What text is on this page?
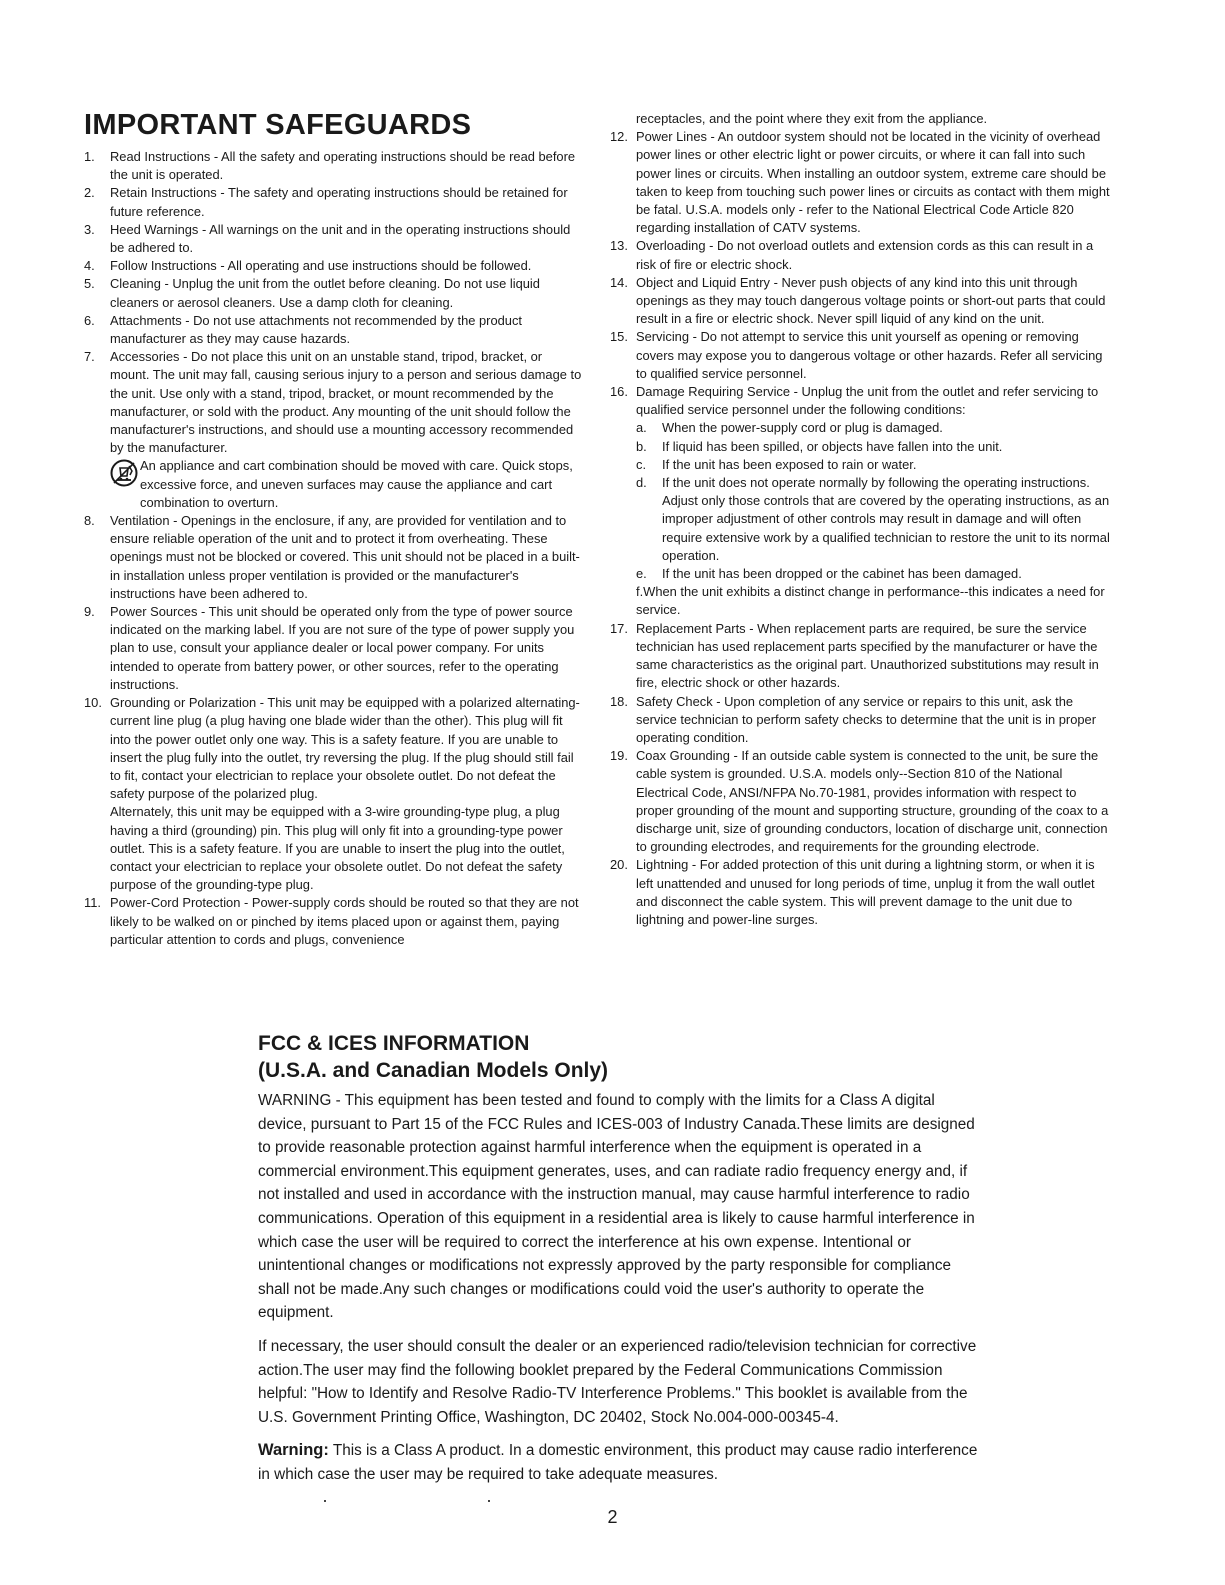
IMPORTANT SAFEGUARDS
1.	Read Instructions - All the safety and operating instructions should be read before the unit is operated.
2.	Retain Instructions - The safety and operating instructions should be retained for future reference.
3.	Heed Warnings - All warnings on the unit and in the operating instructions should be adhered to.
4.	Follow Instructions - All operating and use instructions should be followed.
5.	Cleaning - Unplug the unit from the outlet before cleaning. Do not use liquid cleaners or aerosol cleaners. Use a damp cloth for cleaning.
6.	Attachments - Do not use attachments not recommended by the product manufacturer as they may cause hazards.
7.	Accessories - Do not place this unit on an unstable stand, tripod, bracket, or mount. The unit may fall, causing serious injury to a person and serious damage to the unit. Use only with a stand, tripod, bracket, or mount recommended by the manufacturer, or sold with the product. Any mounting of the unit should follow the manufacturer's instructions, and should use a mounting accessory recommended by the manufacturer.
An appliance and cart combination should be moved with care. Quick stops, excessive force, and uneven surfaces may cause the appliance and cart combination to overturn.
8.	Ventilation - Openings in the enclosure, if any, are provided for ventilation and to ensure reliable operation of the unit and to protect it from overheating. These openings must not be blocked or covered. This unit should not be placed in a built-in installation unless proper ventilation is provided or the manufacturer's instructions have been adhered to.
9.	Power Sources - This unit should be operated only from the type of power source indicated on the marking label. If you are not sure of the type of power supply you plan to use, consult your appliance dealer or local power company. For units intended to operate from battery power, or other sources, refer to the operating instructions.
10. Grounding or Polarization - This unit may be equipped with a polarized alternating-current line plug (a plug having one blade wider than the other). This plug will fit into the power outlet only one way. This is a safety feature. If you are unable to insert the plug fully into the outlet, try reversing the plug. If the plug should still fail to fit, contact your electrician to replace your obsolete outlet. Do not defeat the safety purpose of the polarized plug.
Alternately, this unit may be equipped with a 3-wire grounding-type plug, a plug having a third (grounding) pin. This plug will only fit into a grounding-type power outlet. This is a safety feature. If you are unable to insert the plug into the outlet, contact your electrician to replace your obsolete outlet. Do not defeat the safety purpose of the grounding-type plug.
11. Power-Cord Protection - Power-supply cords should be routed so that they are not likely to be walked on or pinched by items placed upon or against them, paying particular attention to cords and plugs, convenience
receptacles, and the point where they exit from the appliance.
12. Power Lines - An outdoor system should not be located in the vicinity of overhead power lines or other electric light or power circuits, or where it can fall into such power lines or circuits. When installing an outdoor system, extreme care should be taken to keep from touching such power lines or circuits as contact with them might be fatal. U.S.A. models only - refer to the National Electrical Code Article 820 regarding installation of CATV systems.
13. Overloading - Do not overload outlets and extension cords as this can result in a risk of fire or electric shock.
14. Object and Liquid Entry - Never push objects of any kind into this unit through openings as they may touch dangerous voltage points or short-out parts that could result in a fire or electric shock. Never spill liquid of any kind on the unit.
15. Servicing - Do not attempt to service this unit yourself as opening or removing covers may expose you to dangerous voltage or other hazards. Refer all servicing to qualified service personnel.
16. Damage Requiring Service - Unplug the unit from the outlet and refer servicing to qualified service personnel under the following conditions:
a.	When the power-supply cord or plug is damaged.
b.	If liquid has been spilled, or objects have fallen into the unit.
c.	If the unit has been exposed to rain or water.
d.	If the unit does not operate normally by following the operating instructions. Adjust only those controls that are covered by the operating instructions, as an improper adjustment of other controls may result in damage and will often require extensive work by a qualified technician to restore the unit to its normal operation.
e.	If the unit has been dropped or the cabinet has been damaged.
f.When the unit exhibits a distinct change in performance--this indicates a need for service.
17. Replacement Parts - When replacement parts are required, be sure the service technician has used replacement parts specified by the manufacturer or have the same characteristics as the original part. Unauthorized substitutions may result in fire, electric shock or other hazards.
18. Safety Check - Upon completion of any service or repairs to this unit, ask the service technician to perform safety checks to determine that the unit is in proper operating condition.
19. Coax Grounding - If an outside cable system is connected to the unit, be sure the cable system is grounded. U.S.A. models only--Section 810 of the National Electrical Code, ANSI/NFPA No.70-1981, provides information with respect to proper grounding of the mount and supporting structure, grounding of the coax to a discharge unit, size of grounding conductors, location of discharge unit, connection to grounding electrodes, and requirements for the grounding electrode.
20. Lightning - For added protection of this unit during a lightning storm, or when it is left unattended and unused for long periods of time, unplug it from the wall outlet and disconnect the cable system. This will prevent damage to the unit due to lightning and power-line surges.
FCC & ICES INFORMATION
(U.S.A. and Canadian Models Only)

WARNING - This equipment has been tested and found to comply with the limits for a Class A digital device, pursuant to Part 15 of the FCC Rules and ICES-003 of Industry Canada.These limits are designed to provide reasonable protection against harmful interference when the equipment is operated in a commercial environment.This equipment generates, uses, and can radiate radio frequency energy and, if not installed and used in accordance with the instruction manual, may cause harmful interference to radio communications. Operation of this equipment in a residential area is likely to cause harmful interference in which case the user will be required to correct the interference at his own expense. Intentional or unintentional changes or modifications not expressly approved by the party responsible for compliance shall not be made.Any such changes or modifications could void the user's authority to operate the equipment.

If necessary, the user should consult the dealer or an experienced radio/television technician for corrective action.The user may find the following booklet prepared by the Federal Communications Commission helpful: "How to Identify and Resolve Radio-TV Interference Problems." This booklet is available from the U.S. Government Printing Office, Washington, DC 20402, Stock No.004-000-00345-4.

Warning: This is a Class A product. In a domestic environment, this product may cause radio interference in which case the user may be required to take adequate measures.

2
